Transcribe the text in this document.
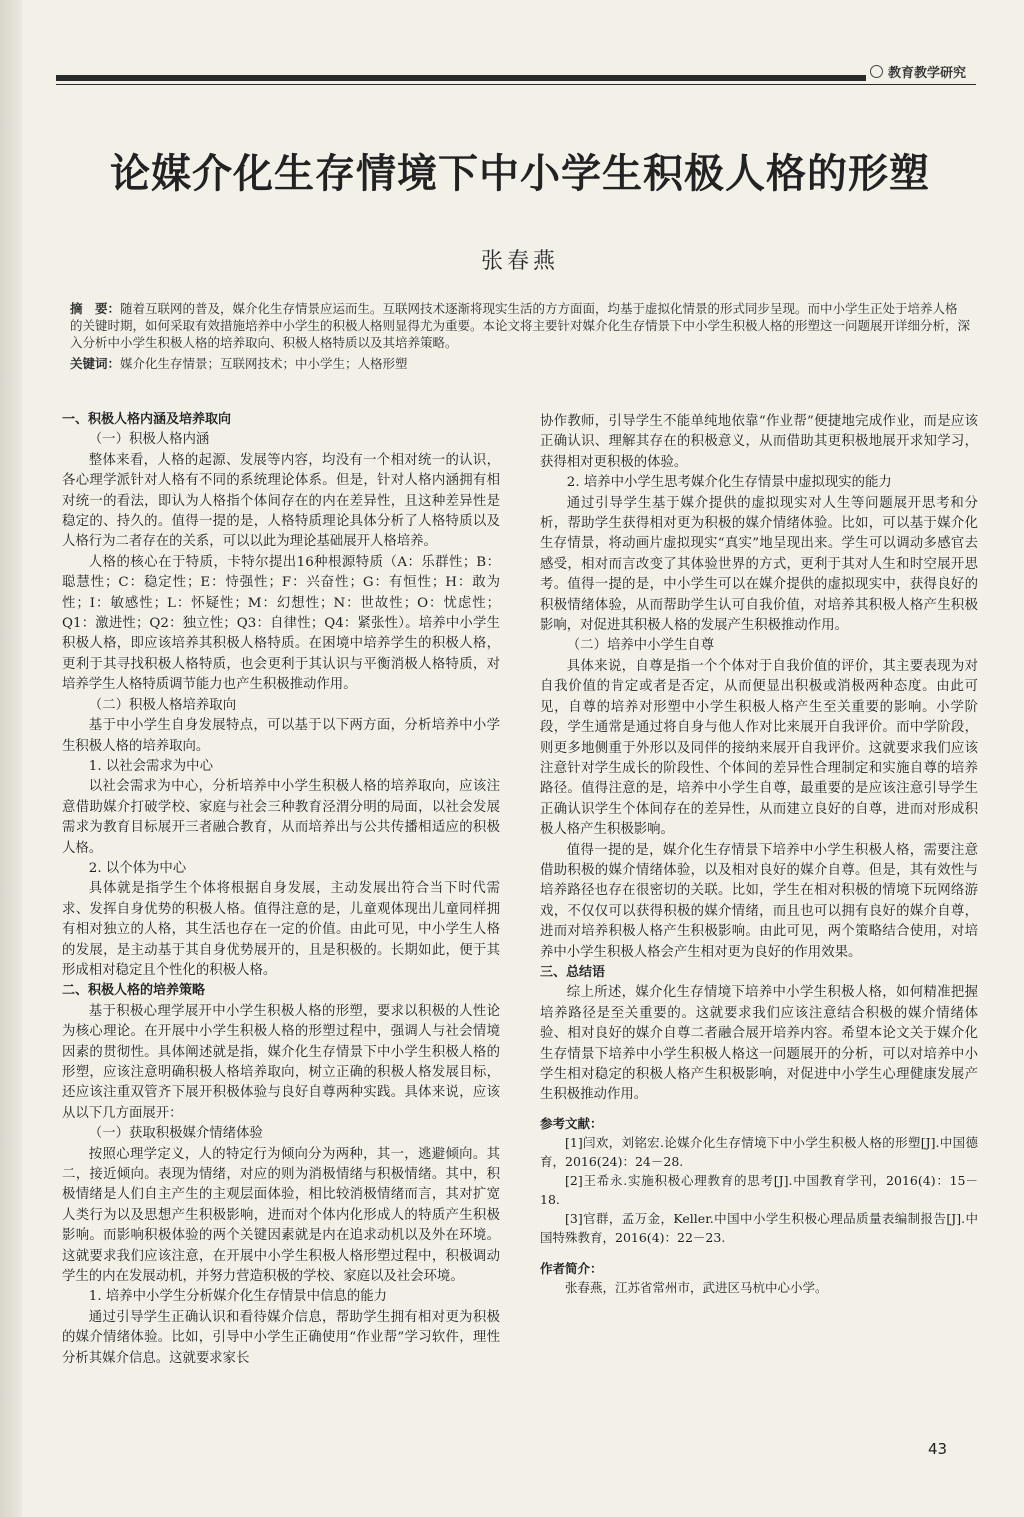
教育教学研究
论媒介化生存情境下中小学生积极人格的形塑
张春燕
摘　要：随着互联网的普及，媒介化生存情景应运而生。互联网技术逐渐将现实生活的方方面面，均基于虚拟化情景的形式同步呈现。而中小学生正处于培养人格的关键时期，如何采取有效措施培养中小学生的积极人格则显得尤为重要。本论文将主要针对媒介化生存情景下中小学生积极人格的形塑这一问题展开详细分析，深入分析中小学生积极人格的培养取向、积极人格特质以及其培养策略。
关键词：媒介化生存情景；互联网技术；中小学生；人格形塑

一、积极人格内涵及培养取向

（一）积极人格内涵

整体来看，人格的起源、发展等内容，均没有一个相对统一的认识，各心理学派针对人格有不同的系统理论体系。但是，针对人格内涵拥有相对统一的看法，即认为人格指个体间存在的内在差异性，且这种差异性是稳定的、持久的。值得一提的是，人格特质理论具体分析了人格特质以及人格行为二者存在的关系，可以以此为理论基础展开人格培养。

人格的核心在于特质，卡特尔提出16种根源特质（A：乐群性；B：聪慧性；C：稳定性；E：恃强性；F：兴奋性；G：有恒性；H：敢为性；I：敏感性；L：怀疑性；M：幻想性；N：世故性；O：忧虑性；Q1：激进性；Q2：独立性；Q3：自律性；Q4：紧张性）。培养中小学生积极人格，即应该培养其积极人格特质。在困境中培养学生的积极人格，更利于其寻找积极人格特质，也会更利于其认识与平衡消极人格特质，对培养学生人格特质调节能力也产生积极推动作用。

（二）积极人格培养取向

基于中小学生自身发展特点，可以基于以下两方面，分析培养中小学生积极人格的培养取向。

1. 以社会需求为中心

以社会需求为中心，分析培养中小学生积极人格的培养取向，应该注意借助媒介打破学校、家庭与社会三种教育泾渭分明的局面，以社会发展需求为教育目标展开三者融合教育，从而培养出与公共传播相适应的积极人格。

2. 以个体为中心

具体就是指学生个体将根据自身发展，主动发展出符合当下时代需求、发挥自身优势的积极人格。值得注意的是，儿童观体现出儿童同样拥有相对独立的人格，其生活也存在一定的价值。由此可见，中小学生人格的发展，是主动基于其自身优势展开的，且是积极的。长期如此，便于其形成相对稳定且个性化的积极人格。

二、积极人格的培养策略

基于积极心理学展开中小学生积极人格的形塑，要求以积极的人性论为核心理论。在开展中小学生积极人格的形塑过程中，强调人与社会情境因素的贯彻性。具体阐述就是指，媒介化生存情景下中小学生积极人格的形塑，应该注意明确积极人格培养取向，树立正确的积极人格发展目标，还应该注重双管齐下展开积极体验与良好自尊两种实践。具体来说，应该从以下几方面展开：

（一）获取积极媒介情绪体验

按照心理学定义，人的特定行为倾向分为两种，其一，逃避倾向。其二，接近倾向。表现为情绪，对应的则为消极情绪与积极情绪。其中，积极情绪是人们自主产生的主观层面体验，相比较消极情绪而言，其对扩宽人类行为以及思想产生积极影响，进而对个体内化形成人的特质产生积极影响。而影响积极体验的两个关键因素就是内在追求动机以及外在环境。这就要求我们应该注意，在开展中小学生积极人格形塑过程中，积极调动学生的内在发展动机，并努力营造积极的学校、家庭以及社会环境。

1. 培养中小学生分析媒介化生存情景中信息的能力

通过引导学生正确认识和看待媒介信息，帮助学生拥有相对更为积极的媒介情绪体验。比如，引导中小学生正确使用“作业帮”学习软件，理性分析其媒介信息。这就要求家长

协作教师，引导学生不能单纯地依靠“作业帮”便捷地完成作业，而是应该正确认识、理解其存在的积极意义，从而借助其更积极地展开求知学习，获得相对更积极的体验。

2. 培养中小学生思考媒介化生存情景中虚拟现实的能力

通过引导学生基于媒介提供的虚拟现实对人生等问题展开思考和分析，帮助学生获得相对更为积极的媒介情绪体验。比如，可以基于媒介化生存情景，将动画片虚拟现实“真实”地呈现出来。学生可以调动多感官去感受，相对而言改变了其体验世界的方式，更利于其对人生和时空展开思考。值得一提的是，中小学生可以在媒介提供的虚拟现实中，获得良好的积极情绪体验，从而帮助学生认可自我价值，对培养其积极人格产生积极影响，对促进其积极人格的发展产生积极推动作用。

（二）培养中小学生自尊

具体来说，自尊是指一个个体对于自我价值的评价，其主要表现为对自我价值的肯定或者是否定，从而便显出积极或消极两种态度。由此可见，自尊的培养对形塑中小学生积极人格产生至关重要的影响。小学阶段，学生通常是通过将自身与他人作对比来展开自我评价。而中学阶段，则更多地侧重于外形以及同伴的接纳来展开自我评价。这就要求我们应该注意针对学生成长的阶段性、个体间的差异性合理制定和实施自尊的培养路径。值得注意的是，培养中小学生自尊，最重要的是应该注意引导学生正确认识学生个体间存在的差异性，从而建立良好的自尊，进而对形成积极人格产生积极影响。

值得一提的是，媒介化生存情景下培养中小学生积极人格，需要注意借助积极的媒介情绪体验，以及相对良好的媒介自尊。但是，其有效性与培养路径也存在很密切的关联。比如，学生在相对积极的情境下玩网络游戏，不仅仅可以获得积极的媒介情绪，而且也可以拥有良好的媒介自尊，进而对培养积极人格产生积极影响。由此可见，两个策略结合使用，对培养中小学生积极人格会产生相对更为良好的作用效果。

三、总结语

综上所述，媒介化生存情境下培养中小学生积极人格，如何精准把握培养路径是至关重要的。这就要求我们应该注意结合积极的媒介情绪体验、相对良好的媒介自尊二者融合展开培养内容。希望本论文关于媒介化生存情景下培养中小学生积极人格这一问题展开的分析，可以对培养中小学生相对稳定的积极人格产生积极影响，对促进中小学生心理健康发展产生积极推动作用。

参考文献：

[1]闫欢，刘铭宏.论媒介化生存情境下中小学生积极人格的形塑[J].中国德育，2016(24)：24－28.

[2]王希永.实施积极心理教育的思考[J].中国教育学刊，2016(4)：15－18.

[3]官群，孟万金，Keller.中国中小学生积极心理品质量表编制报告[J].中国特殊教育，2016(4)：22－23.

作者简介：

张春燕，江苏省常州市，武进区马杭中心小学。

43
